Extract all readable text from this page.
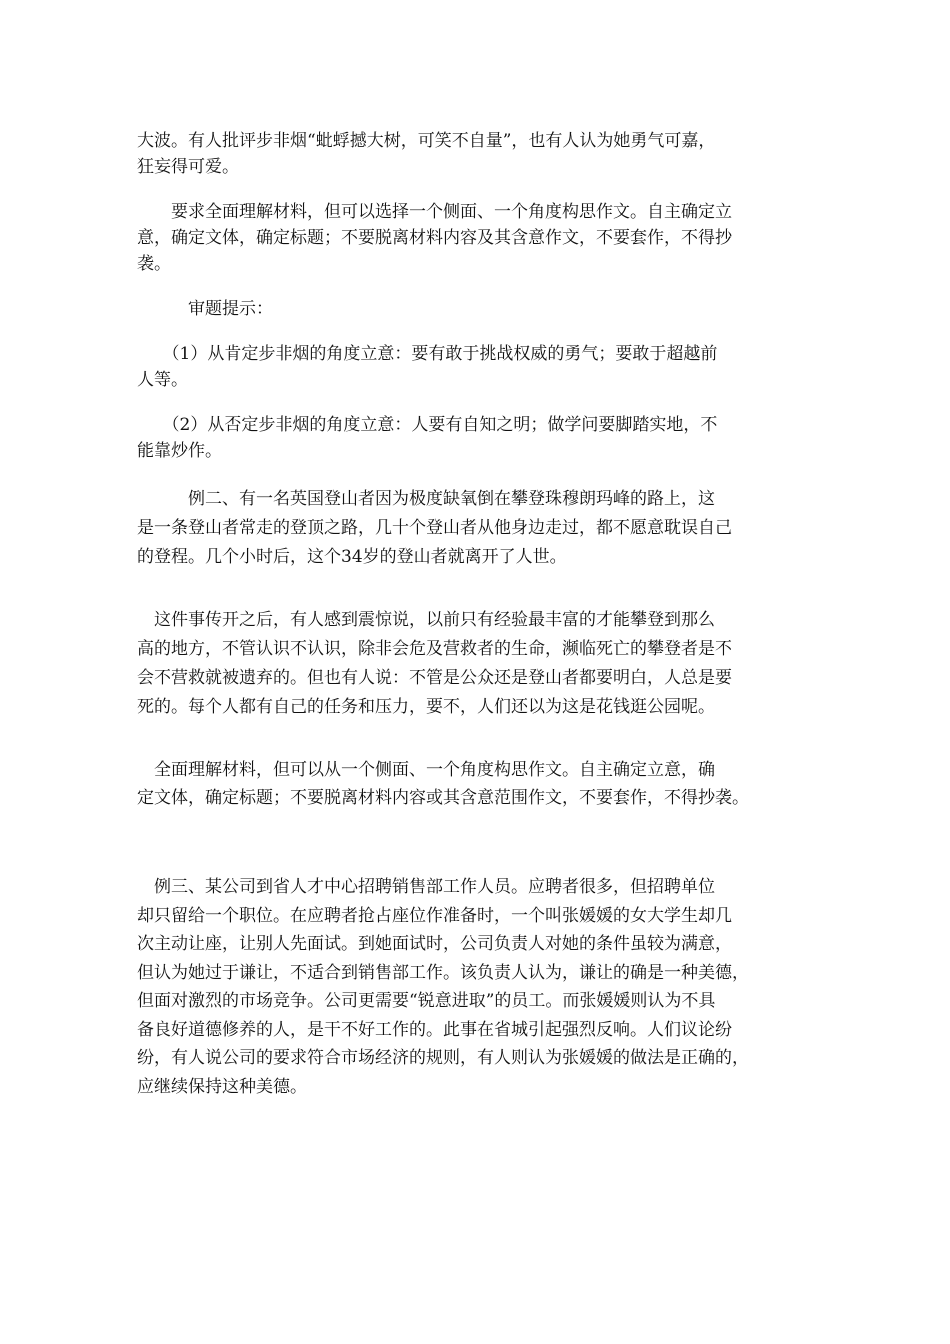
大波。有人批评步非烟“蚍蜉撼大树，可笑不自量”，也有人认为她勇气可嘉，
狂妄得可爱。

　　要求全面理解材料，但可以选择一个侧面、一个角度构思作文。自主确定立
意，确定文体，确定标题；不要脱离材料内容及其含意作文，不要套作，不得抄
袭。

　　　审题提示：

　　（1）从肯定步非烟的角度立意：要有敢于挑战权威的勇气；要敢于超越前
人等。

　　（2）从否定步非烟的角度立意：人要有自知之明；做学问要脚踏实地，不
能靠炒作。

　　　例二、有一名英国登山者因为极度缺氧倒在攀登珠穆朗玛峰的路上，这
是一条登山者常走的登顶之路，几十个登山者从他身边走过，都不愿意耽误自己
的登程。几个小时后，这个34岁的登山者就离开了人世。

　这件事传开之后，有人感到震惊说，以前只有经验最丰富的才能攀登到那么
高的地方，不管认识不认识，除非会危及营救者的生命，濒临死亡的攀登者是不
会不营救就被遗弃的。但也有人说：不管是公众还是登山者都要明白，人总是要
死的。每个人都有自己的任务和压力，要不，人们还以为这是花钱逛公园呢。

　全面理解材料，但可以从一个侧面、一个角度构思作文。自主确定立意，确
定文体，确定标题；不要脱离材料内容或其含意范围作文，不要套作，不得抄袭。

　例三、某公司到省人才中心招聘销售部工作人员。应聘者很多，但招聘单位
却只留给一个职位。在应聘者抢占座位作准备时，一个叫张媛媛的女大学生却几
次主动让座，让别人先面试。到她面试时，公司负责人对她的条件虽较为满意，
但认为她过于谦让，不适合到销售部工作。该负责人认为，谦让的确是一种美德，
但面对激烈的市场竞争。公司更需要“锐意进取”的员工。而张媛媛则认为不具
备良好道德修养的人，是干不好工作的。此事在省城引起强烈反响。人们议论纷
纷，有人说公司的要求符合市场经济的规则，有人则认为张媛媛的做法是正确的，
应继续保持这种美德。
